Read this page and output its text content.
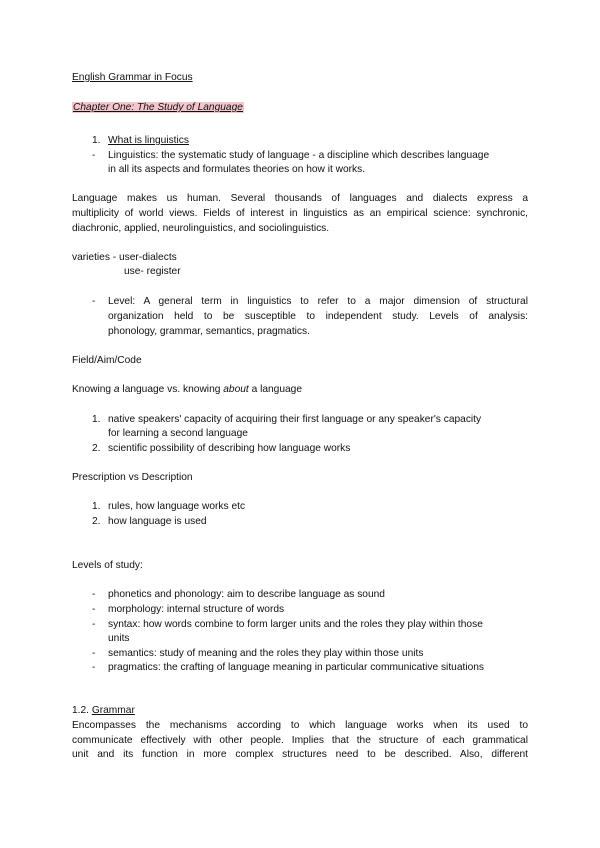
English Grammar in Focus
Chapter One: The Study of Language
1. What is linguistics
- Linguistics: the systematic study of language - a discipline which describes language
in all its aspects and formulates theories on how it works.
Language makes us human. Several thousands of languages and dialects express a
multiplicity of world views. Fields of interest in linguistics as an empirical science: synchronic,
diachronic, applied, neurolinguistics, and sociolinguistics.
varieties - user-dialects
use- register
- Level: A general term in linguistics to refer to a major dimension of structural
organization held to be susceptible to independent study. Levels of analysis:
phonology, grammar, semantics, pragmatics.
Field/Aim/Code
Knowing a language vs. knowing about a language
1. native speakers' capacity of acquiring their first language or any speaker's capacity
for learning a second language
2. scientific possibility of describing how language works
Prescription vs Description
1. rules, how language works etc
2. how language is used
Levels of study:
- phonetics and phonology: aim to describe language as sound
- morphology: internal structure of words
- syntax: how words combine to form larger units and the roles they play within those
units
- semantics: study of meaning and the roles they play within those units
- pragmatics: the crafting of language meaning in particular communicative situations
1.2. Grammar
Encompasses the mechanisms according to which language works when its used to
communicate effectively with other people. Implies that the structure of each grammatical
unit and its function in more complex structures need to be described. Also, different
